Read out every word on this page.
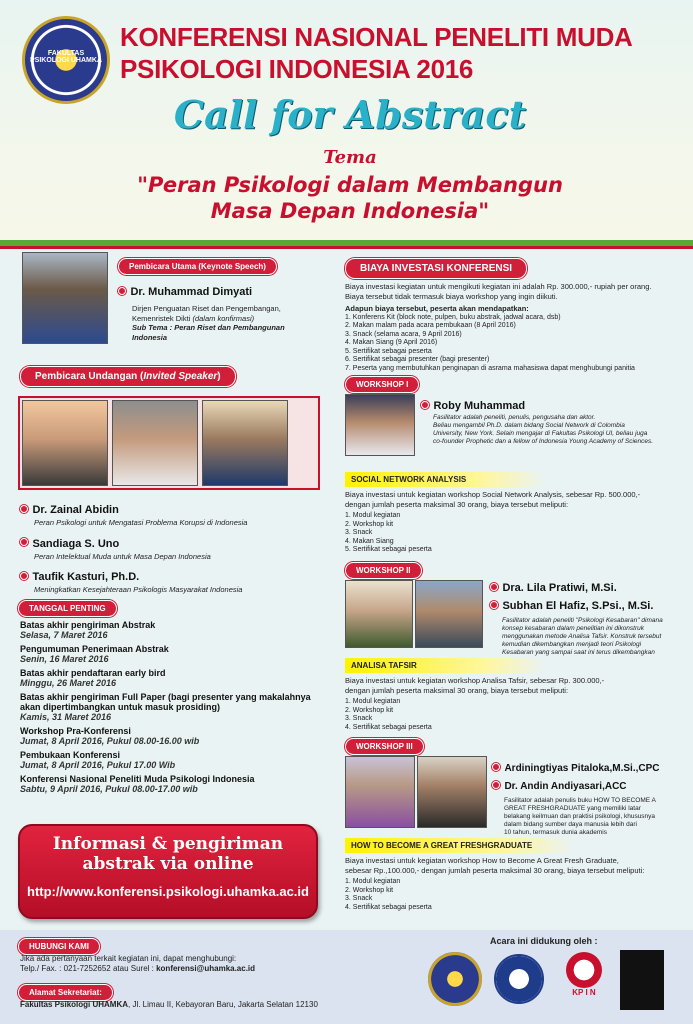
FAKULTAS PSIKOLOGI UHAMKA
KONFERENSI NASIONAL PENELITI MUDA
PSIKOLOGI INDONESIA 2016
Call for Abstract
Tema
"Peran Psikologi dalam Membangun
Masa Depan Indonesia"
Pembicara Utama (Keynote Speech)
Dr. Muhammad Dimyati
Dirjen Penguatan Riset dan Pengembangan,
Kemenristek Dikti (dalam konfirmasi)
Sub Tema : Peran Riset dan Pembangunan Indonesia
Pembicara Undangan (Invited Speaker)
Dr. Zainal Abidin
Peran Psikologi untuk Mengatasi Problema Korupsi di Indonesia
Sandiaga S. Uno
Peran Intelektual Muda untuk Masa Depan Indonesia
Taufik Kasturi, Ph.D.
Meningkatkan Kesejahteraan Psikologis Masyarakat Indonesia
TANGGAL PENTING
Batas akhir pengiriman Abstrak
Selasa, 7 Maret 2016
Pengumuman Penerimaan Abstrak
Senin, 16 Maret 2016
Batas akhir pendaftaran early bird
Minggu, 26 Maret 2016
Batas akhir pengiriman Full Paper (bagi presenter yang makalahnya akan dipertimbangkan untuk masuk prosiding)
Kamis, 31 Maret 2016
Workshop Pra-Konferensi
Jumat, 8 April 2016, Pukul 08.00-16.00 wib
Pembukaan Konferensi
Jumat, 8 April 2016, Pukul 17.00 Wib
Konferensi Nasional Peneliti Muda Psikologi Indonesia
Sabtu, 9 April 2016, Pukul 08.00-17.00 wib
Informasi & pengiriman
abstrak via online
http://www.konferensi.psikologi.uhamka.ac.id
HUBUNGI KAMI
Jika ada pertanyaan terkait kegiatan ini, dapat menghubungi:
Telp./ Fax. : 021-7252652 atau Surel : konferensi@uhamka.ac.id
Alamat Sekretariat:
Fakultas Psikologi UHAMKA, Jl. Limau II, Kebayoran Baru, Jakarta Selatan 12130
BIAYA INVESTASI KONFERENSI
Biaya investasi kegiatan untuk mengikuti kegiatan ini adalah Rp. 300.000,- rupiah per orang.
Biaya tersebut tidak termasuk biaya workshop yang ingin diikuti.
Adapun biaya tersebut, peserta akan mendapatkan:
1. Konferens Kit (block note, pulpen, buku abstrak, jadwal acara, dsb)
2. Makan malam pada acara pembukaan (8 April 2016)
3. Snack (selama acara, 9 April 2016)
4. Makan Siang (9 April 2016)
5. Sertifikat sebagai peserta
6. Sertifikat sebagai presenter (bagi presenter)
7. Peserta yang membutuhkan penginapan di asrama mahasiswa dapat menghubungi panitia
WORKSHOP I
Roby Muhammad
Fasilitator adalah peneliti, penulis, pengusaha dan aktor.
Beliau mengambil Ph.D. dalam bidang Social Network di Colombia
University, New York. Selain mengajar di Fakultas Psikologi UI, beliau juga
co-founder Prophetic dan a fellow of Indonesia Young Academy of Sciences.
SOCIAL NETWORK ANALYSIS
Biaya investasi untuk kegiatan workshop Social Network Analysis, sebesar Rp. 500.000,-
dengan jumlah peserta maksimal 30 orang, biaya tersebut meliputi:
1. Modul kegiatan
2. Workshop kit
3. Snack
4. Makan Siang
5. Sertifikat sebagai peserta
WORKSHOP II
Dra. Lila Pratiwi, M.Si.
Subhan El Hafiz, S.Psi., M.Si.
Fasilitator adalah peneliti "Psikologi Kesabaran" dimana
konsep kesabaran dalam penelitian ini dikonstruk
menggunakan metode Analisa Tafsir. Konstruk tersebut
kemudian dikembangkan menjadi teori Psikologi
Kesabaran yang sampai saat ini terus dikembangkan
ANALISA TAFSIR
Biaya investasi untuk kegiatan workshop Analisa Tafsir, sebesar Rp. 300.000,-
dengan jumlah peserta maksimal 30 orang, biaya tersebut meliputi:
1. Modul kegiatan
2. Workshop kit
3. Snack
4. Sertifikat sebagai peserta
WORKSHOP III
Ardiningtiyas Pitaloka,M.Si.,CPC
Dr. Andin Andiyasari,ACC
Fasilitator adalah penulis buku HOW TO BECOME A
GREAT FRESHGRADUATE yang memiliki latar
belakang keilmuan dan praktisi psikologi, khususnya
dalam bidang sumber daya manusia lebih dari
10 tahun, termasuk dunia akademis
HOW TO BECOME A GREAT FRESHGRADUATE
Biaya investasi untuk kegiatan workshop How to Become A Great Fresh Graduate,
sebesar Rp.,100.000,- dengan jumlah peserta maksimal 30 orang, biaya tersebut meliputi:
1. Modul kegiatan
2. Workshop kit
3. Snack
4. Sertifikat sebagai peserta
Acara ini didukung oleh :
KP I N
